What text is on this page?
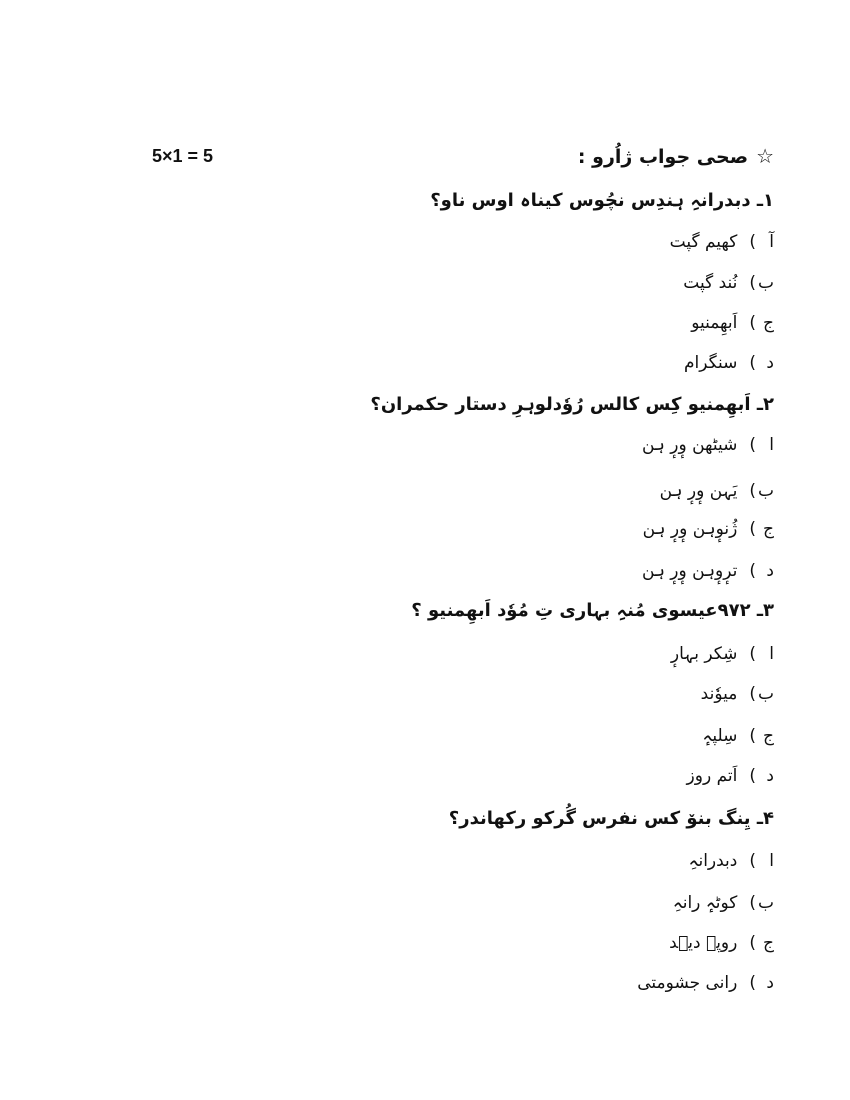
5×1 = 5	☆صحی جواب ژاُرو :
١ـ دبدرانہِ ہندِس نچُوس کیناہ اوس ناو؟
آ
)
کھیم گپت
ب
)
نُند گپت
ج
)
اَبھِمنیو
د
)
سنگرام
٢ـ اَبھِمنیو کِس کالس رُوٗدلوہرِ دستار حکمران؟
ا
)
شیٹھن وٕرٕ ہن
ب
)
یَہن وٕرٕ ہن
ج
)
ژُنوٕہن وٕرٕ ہن
د
)
ترٕوٕہن وٕرٕ ہن
٣ـ ٩٧٢عیسوی مُنہِ بہاری تِ مُوٗد اَبھِمنیو ؟
ا
)
شِکر بہارٕ
ب
)
میوٗند
ج
)
سِلپہٕ
د
)
اَتم روز
۴ـ یِنگ بنوٚ کس نفرس گُرکو رکھاندر؟
ا
)
دبدرانہِ
ب
)
کوٹہٕ رانہِ
ج
)
روپہ دیٖد
د
)
رانی جشومتی
